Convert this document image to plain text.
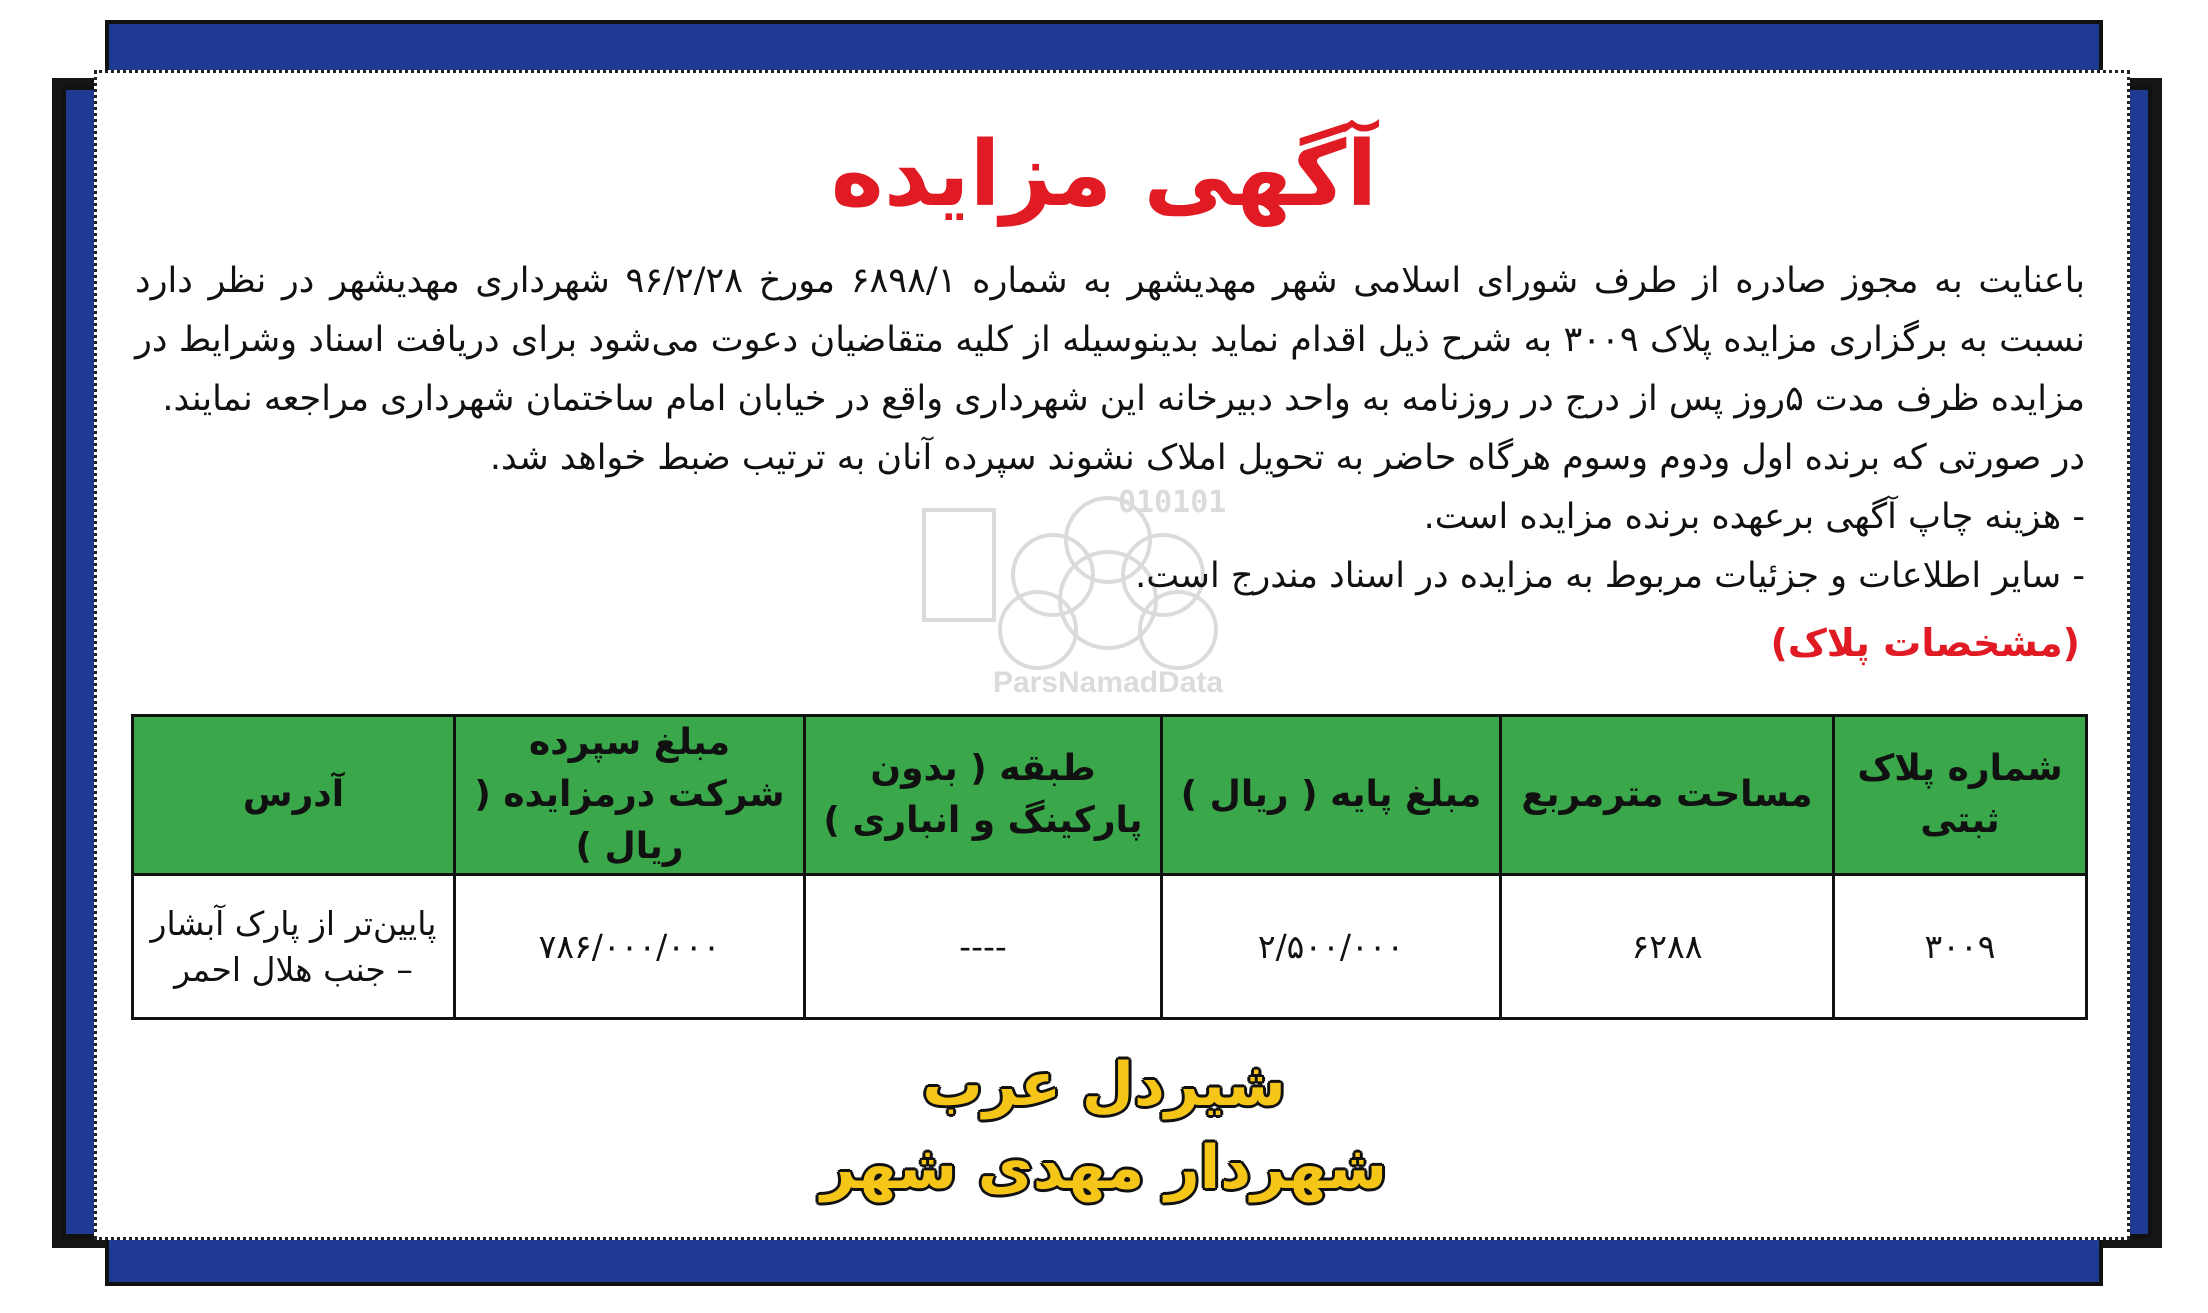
010101
ParsNamadData
آگهی مزایده

باعنایت به مجوز صادره از طرف شورای اسلامی شهر مهدیشهر به شماره ۶۸۹۸/۱ مورخ ۹۶/۲/۲۸ شهرداری مهدیشهر در نظر دارد نسبت به برگزاری مزایده پلاک ۳۰۰۹ به شرح ذیل اقدام نماید بدینوسیله از کلیه متقاضیان دعوت می‌شود برای دریافت اسناد وشرایط در مزایده ظرف مدت ۵روز پس از درج در روزنامه به واحد دبیرخانه این شهرداری واقع در خیابان امام ساختمان شهرداری مراجعه نمایند.

در صورتی که برنده اول ودوم وسوم هرگاه حاضر به تحویل املاک نشوند سپرده آنان به ترتیب ضبط خواهد شد.

- هزینه چاپ آگهی برعهده برنده مزایده است.

- سایر اطلاعات و جزئیات مربوط به مزایده در اسناد مندرج است.

(مشخصات پلاک)
شماره پلاک ثبتی	مساحت مترمربع	مبلغ پایه ( ریال )	طبقه ( بدون پارکینگ و انباری )	مبلغ سپرده شرکت درمزایده ( ریال )	آدرس
۳۰۰۹	۶۲۸۸	۲/۵۰۰/۰۰۰	----	۷۸۶/۰۰۰/۰۰۰	پایین‌تر از پارک آبشار – جنب هلال احمر
شیردل عرب
شهردار مهدی شهر
